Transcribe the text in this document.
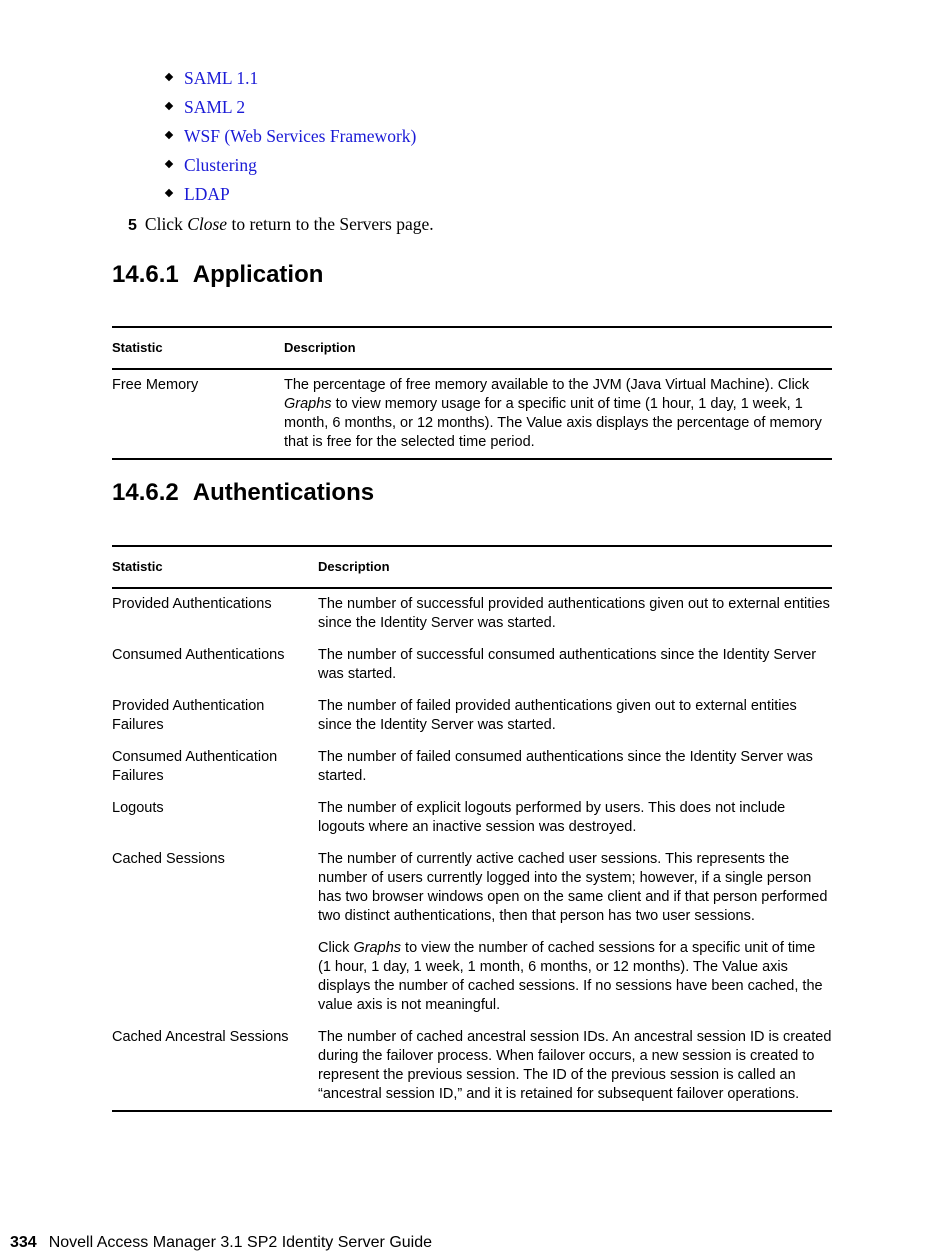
SAML 1.1
SAML 2
WSF (Web Services Framework)
Clustering
LDAP
5 Click Close to return to the Servers page.
14.6.1 Application
Statistic	Description
Free Memory	The percentage of free memory available to the JVM (Java Virtual Machine). Click Graphs to view memory usage for a specific unit of time (1 hour, 1 day, 1 week, 1 month, 6 months, or 12 months). The Value axis displays the percentage of memory that is free for the selected time period.

14.6.2 Authentications
Statistic	Description
Provided Authentications	The number of successful provided authentications given out to external entities since the Identity Server was started.

Consumed Authentications	The number of successful consumed authentications since the Identity Server was started.

Provided Authentication Failures	The number of failed provided authentications given out to external entities since the Identity Server was started.

Consumed Authentication Failures	The number of failed consumed authentications since the Identity Server was started.

Logouts	The number of explicit logouts performed by users. This does not include logouts where an inactive session was destroyed.

Cached Sessions	The number of currently active cached user sessions. This represents the number of users currently logged into the system; however, if a single person has two browser windows open on the same client and if that person performed two distinct authentications, then that person has two user sessions.

Click Graphs to view the number of cached sessions for a specific unit of time (1 hour, 1 day, 1 week, 1 month, 6 months, or 12 months). The Value axis displays the number of cached sessions. If no sessions have been cached, the value axis is not meaningful.

Cached Ancestral Sessions	The number of cached ancestral session IDs. An ancestral session ID is created during the failover process. When failover occurs, a new session is created to represent the previous session. The ID of the previous session is called an “ancestral session ID,” and it is retained for subsequent failover operations.

334 Novell Access Manager 3.1 SP2 Identity Server Guide
